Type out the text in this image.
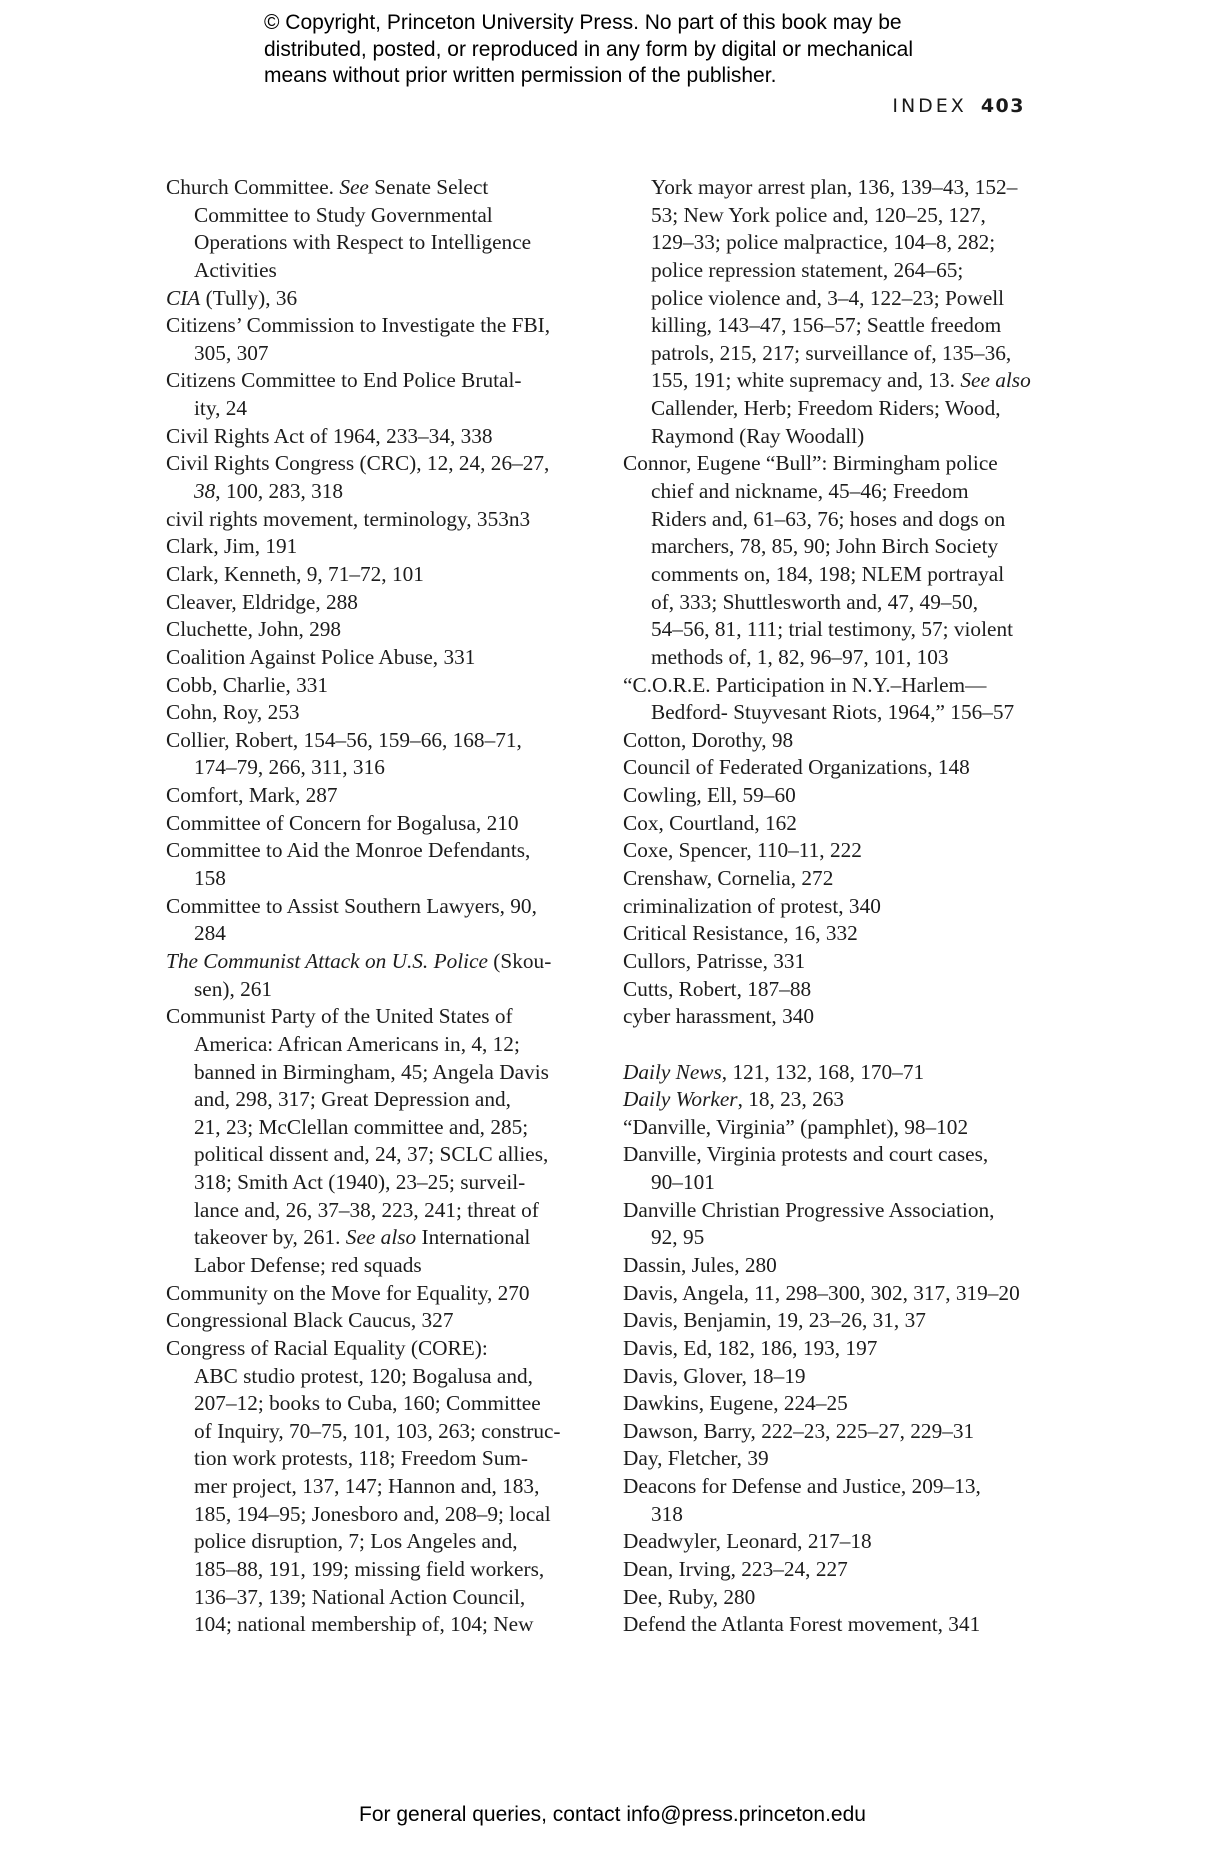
© Copyright, Princeton University Press. No part of this book may be
distributed, posted, or reproduced in any form by digital or mechanical
means without prior written permission of the publisher.
INDEX 403
Church Committee. See Senate Select
Committee to Study Governmental
Operations with Respect to Intelligence
Activities
CIA (Tully), 36
Citizens’ Commission to Investigate the FBI,
305, 307
Citizens Committee to End Police Brutal-
ity, 24
Civil Rights Act of 1964, 233–34, 338
Civil Rights Congress (CRC), 12, 24, 26–27,
38, 100, 283, 318
civil rights movement, terminology, 353n3
Clark, Jim, 191
Clark, Kenneth, 9, 71–72, 101
Cleaver, Eldridge, 288
Cluchette, John, 298
Coalition Against Police Abuse, 331
Cobb, Charlie, 331
Cohn, Roy, 253
Collier, Robert, 154–56, 159–66, 168–71,
174–79, 266, 311, 316
Comfort, Mark, 287
Committee of Concern for Bogalusa, 210
Committee to Aid the Monroe Defendants,
158
Committee to Assist Southern Lawyers, 90,
284
The Communist Attack on U.S. Police (Skou-
sen), 261
Communist Party of the United States of
America: African Americans in, 4, 12;
banned in Birmingham, 45; Angela Davis
and, 298, 317; Great Depression and,
21, 23; McClellan committee and, 285;
political dissent and, 24, 37; SCLC allies,
318; Smith Act (1940), 23–25; surveil-
lance and, 26, 37–38, 223, 241; threat of
takeover by, 261. See also International
Labor Defense; red squads
Community on the Move for Equality, 270
Congressional Black Caucus, 327
Congress of Racial Equality (CORE):
ABC studio protest, 120; Bogalusa and,
207–12; books to Cuba, 160; Committee
of Inquiry, 70–75, 101, 103, 263; construc-
tion work protests, 118; Freedom Sum-
mer project, 137, 147; Hannon and, 183,
185, 194–95; Jonesboro and, 208–9; local
police disruption, 7; Los Angeles and,
185–88, 191, 199; missing field workers,
136–37, 139; National Action Council,
104; national membership of, 104; New
York mayor arrest plan, 136, 139–43, 152–
53; New York police and, 120–25, 127,
129–33; police malpractice, 104–8, 282;
police repression statement, 264–65;
police violence and, 3–4, 122–23; Powell
killing, 143–47, 156–57; Seattle freedom
patrols, 215, 217; surveillance of, 135–36,
155, 191; white supremacy and, 13. See also
Callender, Herb; Freedom Riders; Wood,
Raymond (Ray Woodall)
Connor, Eugene “Bull”: Birmingham police
chief and nickname, 45–46; Freedom
Riders and, 61–63, 76; hoses and dogs on
marchers, 78, 85, 90; John Birch Society
comments on, 184, 198; NLEM portrayal
of, 333; Shuttlesworth and, 47, 49–50,
54–56, 81, 111; trial testimony, 57; violent
methods of, 1, 82, 96–97, 101, 103
“C.O.R.E. Participation in N.Y.–Harlem—
Bedford- Stuyvesant Riots, 1964,” 156–57
Cotton, Dorothy, 98
Council of Federated Organizations, 148
Cowling, Ell, 59–60
Cox, Courtland, 162
Coxe, Spencer, 110–11, 222
Crenshaw, Cornelia, 272
criminalization of protest, 340
Critical Resistance, 16, 332
Cullors, Patrisse, 331
Cutts, Robert, 187–88
cyber harassment, 340
Daily News, 121, 132, 168, 170–71
Daily Worker, 18, 23, 263
“Danville, Virginia” (pamphlet), 98–102
Danville, Virginia protests and court cases,
90–101
Danville Christian Progressive Association,
92, 95
Dassin, Jules, 280
Davis, Angela, 11, 298–300, 302, 317, 319–20
Davis, Benjamin, 19, 23–26, 31, 37
Davis, Ed, 182, 186, 193, 197
Davis, Glover, 18–19
Dawkins, Eugene, 224–25
Dawson, Barry, 222–23, 225–27, 229–31
Day, Fletcher, 39
Deacons for Defense and Justice, 209–13,
318
Deadwyler, Leonard, 217–18
Dean, Irving, 223–24, 227
Dee, Ruby, 280
Defend the Atlanta Forest movement, 341
For general queries, contact info@press.princeton.edu
